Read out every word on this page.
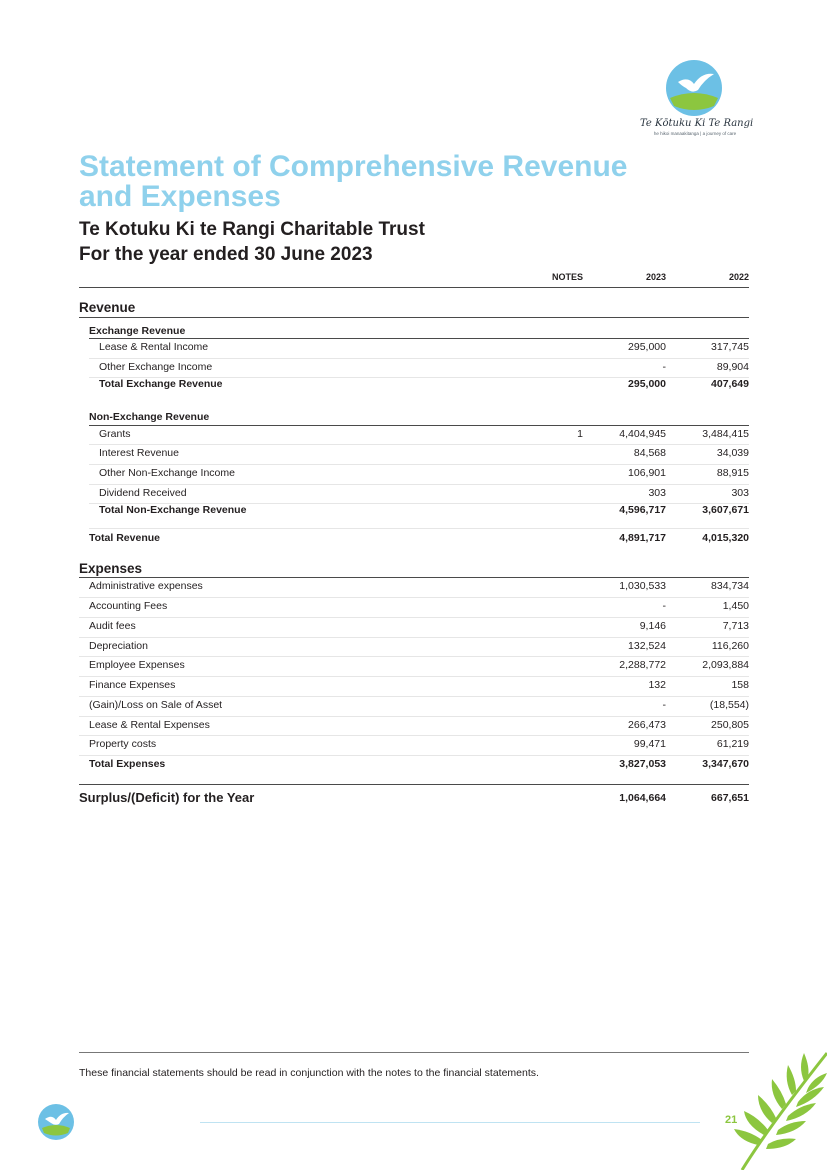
Te Kōtuku Ki Te Rangi
he hikoi manaakitanga | a journey of care
Statement of Comprehensive Revenue and Expenses
Te Kotuku Ki te Rangi Charitable Trust
For the year ended 30 June 2023
NOTES	2023	2022
Revenue
Exchange Revenue
Lease & Rental Income	295,000	317,745
Other Exchange Income	-	89,904
Total Exchange Revenue	295,000	407,649
Non-Exchange Revenue
Grants	1	4,404,945	3,484,415
Interest Revenue	84,568	34,039
Other Non-Exchange Income	106,901	88,915
Dividend Received	303	303
Total Non-Exchange Revenue	4,596,717	3,607,671
Total Revenue	4,891,717	4,015,320
Expenses
Administrative expenses	1,030,533	834,734
Accounting Fees	-	1,450
Audit fees	9,146	7,713
Depreciation	132,524	116,260
Employee Expenses	2,288,772	2,093,884
Finance Expenses	132	158
(Gain)/Loss on Sale of Asset	-	(18,554)
Lease & Rental Expenses	266,473	250,805
Property costs	99,471	61,219
Total Expenses	3,827,053	3,347,670
Surplus/(Deficit) for the Year	1,064,664	667,651
These financial statements should be read in conjunction with the notes to the financial statements.
21
